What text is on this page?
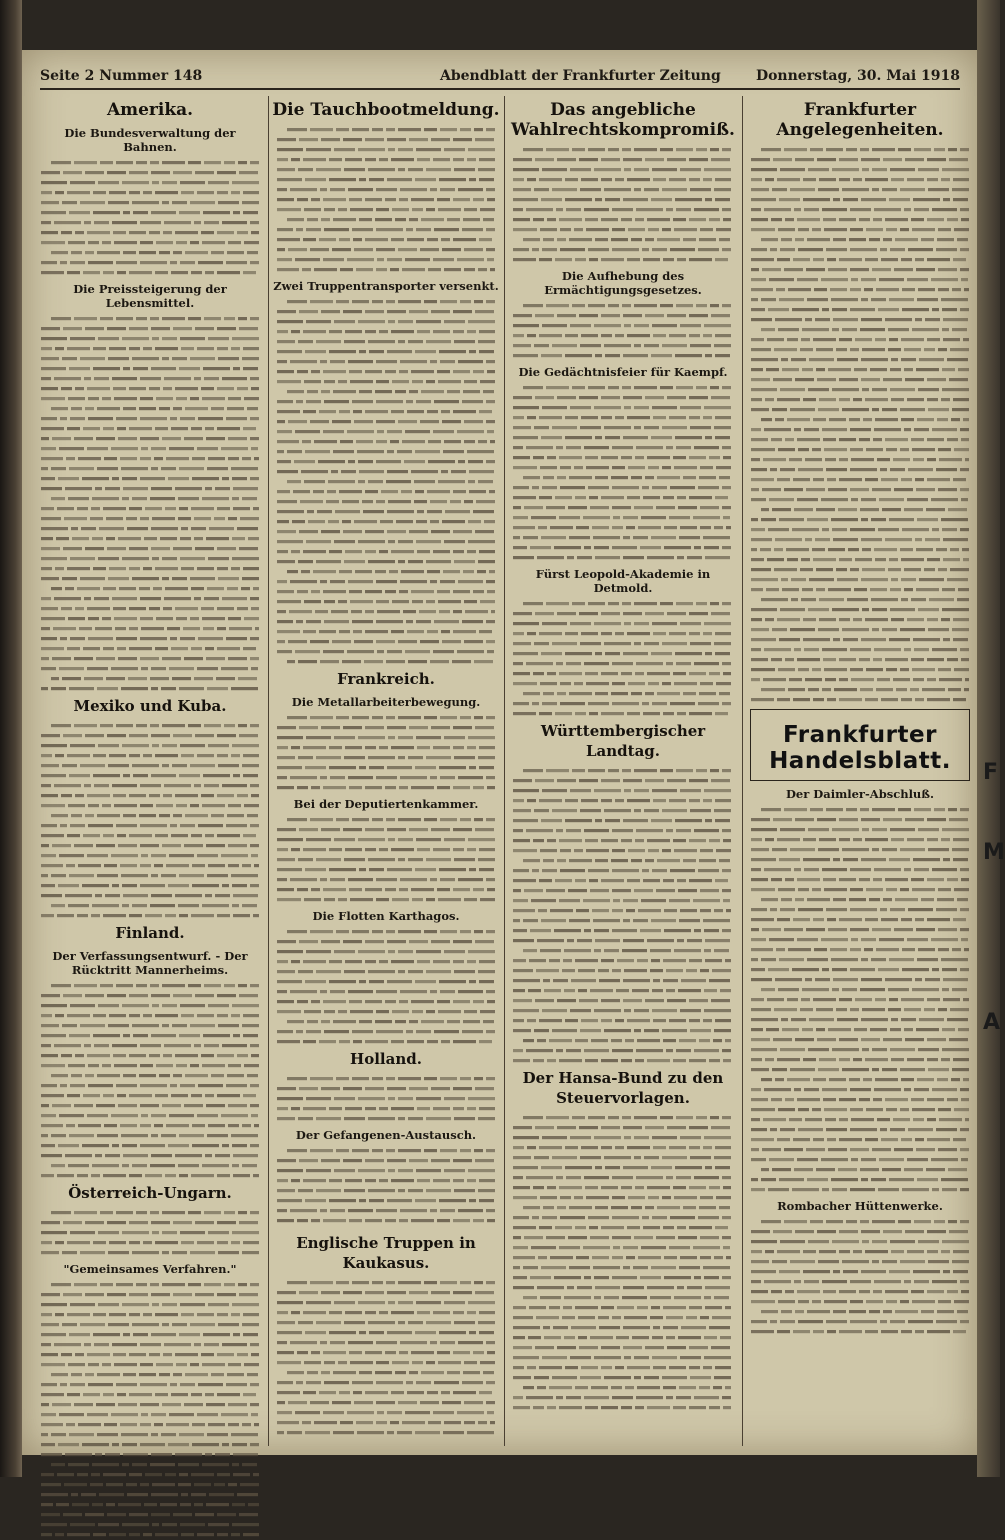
F
M
A
Seite 2 Nummer 148	Abendblatt der Frankfurter Zeitung	Donnerstag, 30. Mai 1918
Amerika.
Die Bundesverwaltung der Bahnen.
Die Preissteigerung der Lebensmittel.
Mexiko und Kuba.
Finland.
Der Verfassungsentwurf. - Der Rücktritt Mannerheims.
Österreich-Ungarn.
"Gemeinsames Verfahren."
Die Tauchbootmeldung.
Zwei Truppentransporter versenkt.
Frankreich.
Die Metallarbeiterbewegung.
Bei der Deputiertenkammer.
Die Flotten Karthagos.
Holland.
Der Gefangenen-Austausch.
Englische Truppen in Kaukasus.
Das angebliche Wahlrechtskompromiß.
Die Aufhebung des Ermächtigungsgesetzes.
Die Gedächtnisfeier für Kaempf.
Fürst Leopold-Akademie in Detmold.
Württembergischer Landtag.
Der Hansa-Bund zu den Steuervorlagen.
Frankfurter Angelegenheiten.
Frankfurter Handelsblatt.
Der Daimler-Abschluß.
Rombacher Hüttenwerke.
